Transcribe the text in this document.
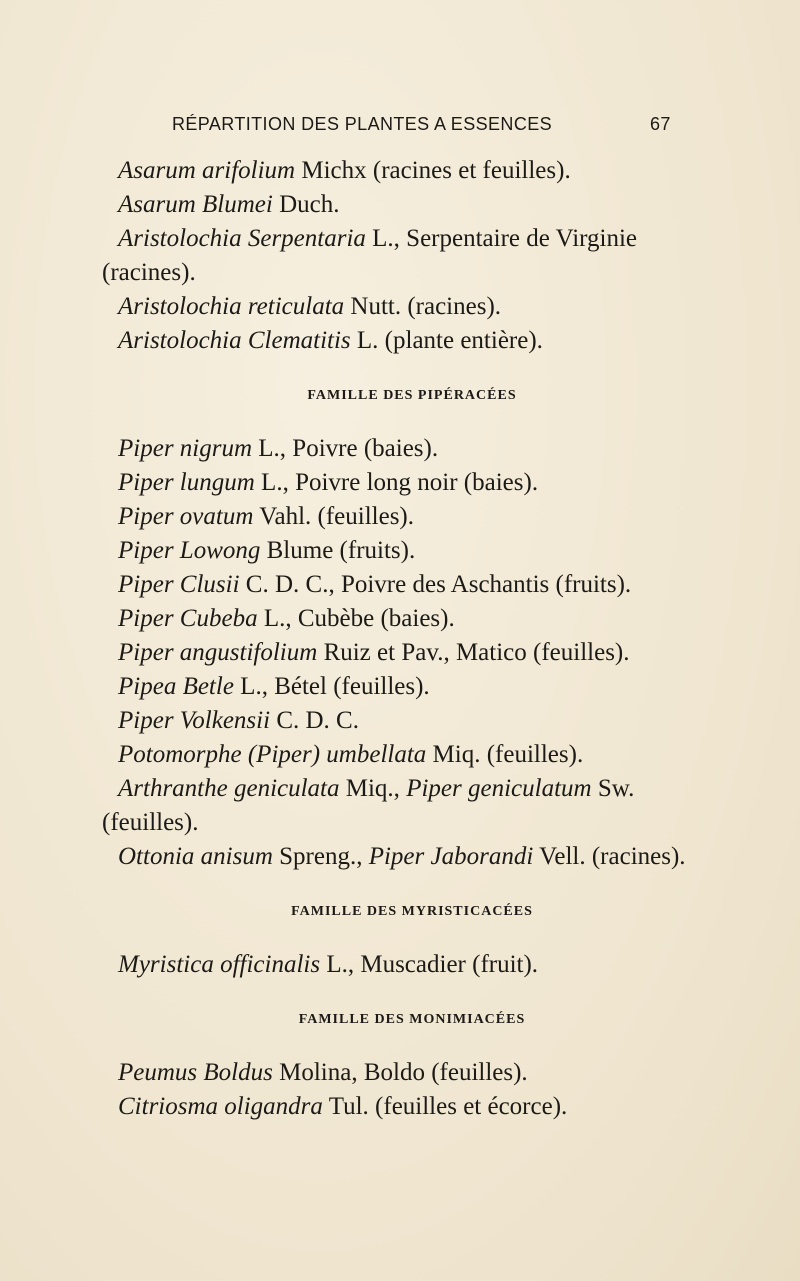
RÉPARTITION DES PLANTES A ESSENCES	67

Asarum arifolium Michx (racines et feuilles).

Asarum Blumei Duch.

Aristolochia Serpentaria L., Serpentaire de Virginie (racines).

Aristolochia reticulata Nutt. (racines).

Aristolochia Clematitis L. (plante entière).

FAMILLE DES PIPÉRACÉES

Piper nigrum L., Poivre (baies).

Piper lungum L., Poivre long noir (baies).

Piper ovatum Vahl. (feuilles).

Piper Lowong Blume (fruits).

Piper Clusii C. D. C., Poivre des Aschantis (fruits).

Piper Cubeba L., Cubèbe (baies).

Piper angustifolium Ruiz et Pav., Matico (feuilles).

Pipea Betle L., Bétel (feuilles).

Piper Volkensii C. D. C.

Potomorphe (Piper) umbellata Miq. (feuilles).

Arthranthe geniculata Miq., Piper geniculatum Sw. (feuilles).

Ottonia anisum Spreng., Piper Jaborandi Vell. (racines).

FAMILLE DES MYRISTICACÉES

Myristica officinalis L., Muscadier (fruit).

FAMILLE DES MONIMIACÉES

Peumus Boldus Molina, Boldo (feuilles).

Citriosma oligandra Tul. (feuilles et écorce).
